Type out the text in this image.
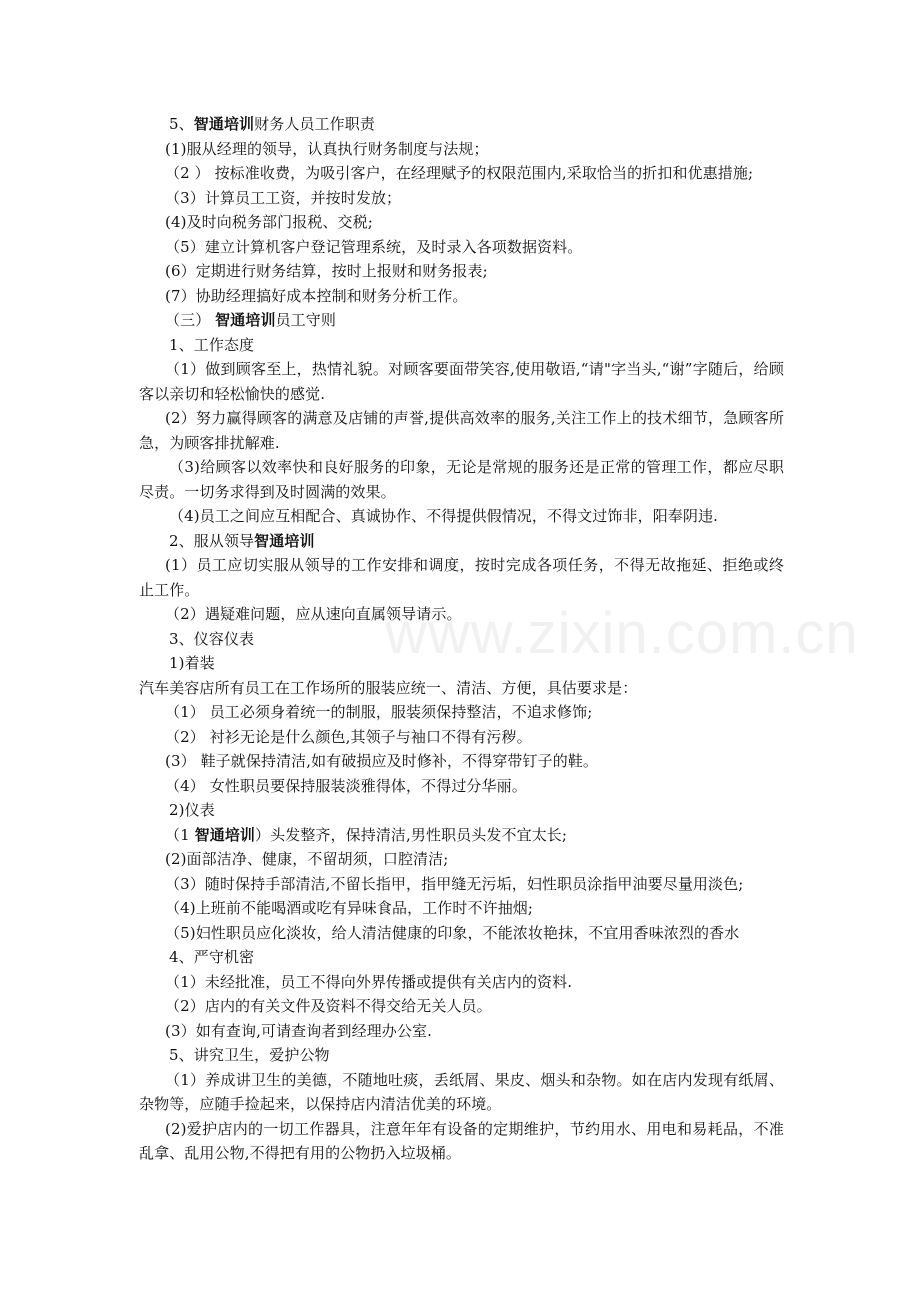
5、智通培训财务人员工作职责

(1)服从经理的领导，认真执行财务制度与法规；

（2 ） 按标准收费，为吸引客户，在经理赋予的权限范围内,采取恰当的折扣和优惠措施;

（3）计算员工工资，并按时发放；

(4)及时向税务部门报税、交税;

（5）建立计算机客户登记管理系统，及时录入各项数据资料。

(6）定期进行财务结算，按时上报财和财务报表;

(7）协助经理搞好成本控制和财务分析工作。

（三） 智通培训员工守则

1、工作态度

（1）做到顾客至上，热情礼貌。对顾客要面带笑容,使用敬语,“请"字当头,“谢”字随后，给顾客以亲切和轻松愉快的感觉.

(2）努力赢得顾客的满意及店铺的声誉,提供高效率的服务,关注工作上的技术细节，急顾客所急，为顾客排扰解难.

（3)给顾客以效率快和良好服务的印象，无论是常规的服务还是正常的管理工作，都应尽职尽责。一切务求得到及时圆满的效果。

（4)员工之间应互相配合、真诚协作、不得提供假情况，不得文过饰非，阳奉阴违.

2、服从领导智通培训

(1）员工应切实服从领导的工作安排和调度，按时完成各项任务，不得无故拖延、拒绝或终止工作。

（2）遇疑难问题，应从速向直属领导请示。

3、仪容仪表

1)着装

汽车美容店所有员工在工作场所的服装应统一、清洁、方便，具估要求是：

（1） 员工必须身着统一的制服，服装须保持整洁，不追求修饰;

（2） 衬衫无论是什么颜色,其领子与袖口不得有污秽。

(3） 鞋子就保持清洁,如有破损应及时修补，不得穿带钉子的鞋。

（4） 女性职员要保持服装淡雅得体，不得过分华丽。

2)仪表

（1 智通培训）头发整齐，保持清洁,男性职员头发不宜太长;

(2)面部洁净、健康，不留胡须，口腔清洁;

（3）随时保持手部清洁,不留长指甲，指甲缝无污垢，妇性职员涂指甲油要尽量用淡色;

（4)上班前不能喝酒或吃有异味食品，工作时不许抽烟;

（5)妇性职员应化淡妆，给人清洁健康的印象，不能浓妆艳抹，不宜用香味浓烈的香水

4、严守机密

（1）未经批准，员工不得向外界传播或提供有关店内的资料.

（2）店内的有关文件及资料不得交给无关人员。

(3）如有查询,可请查询者到经理办公室.

5、讲究卫生，爱护公物

（1）养成讲卫生的美德，不随地吐痰，丢纸屑、果皮、烟头和杂物。如在店内发现有纸屑、杂物等，应随手捡起来，以保持店内清洁优美的环境。

(2)爱护店内的一切工作器具，注意年年有设备的定期维护，节约用水、用电和易耗品，不准乱拿、乱用公物,不得把有用的公物扔入垃圾桶。

www.zixin.com.cn
